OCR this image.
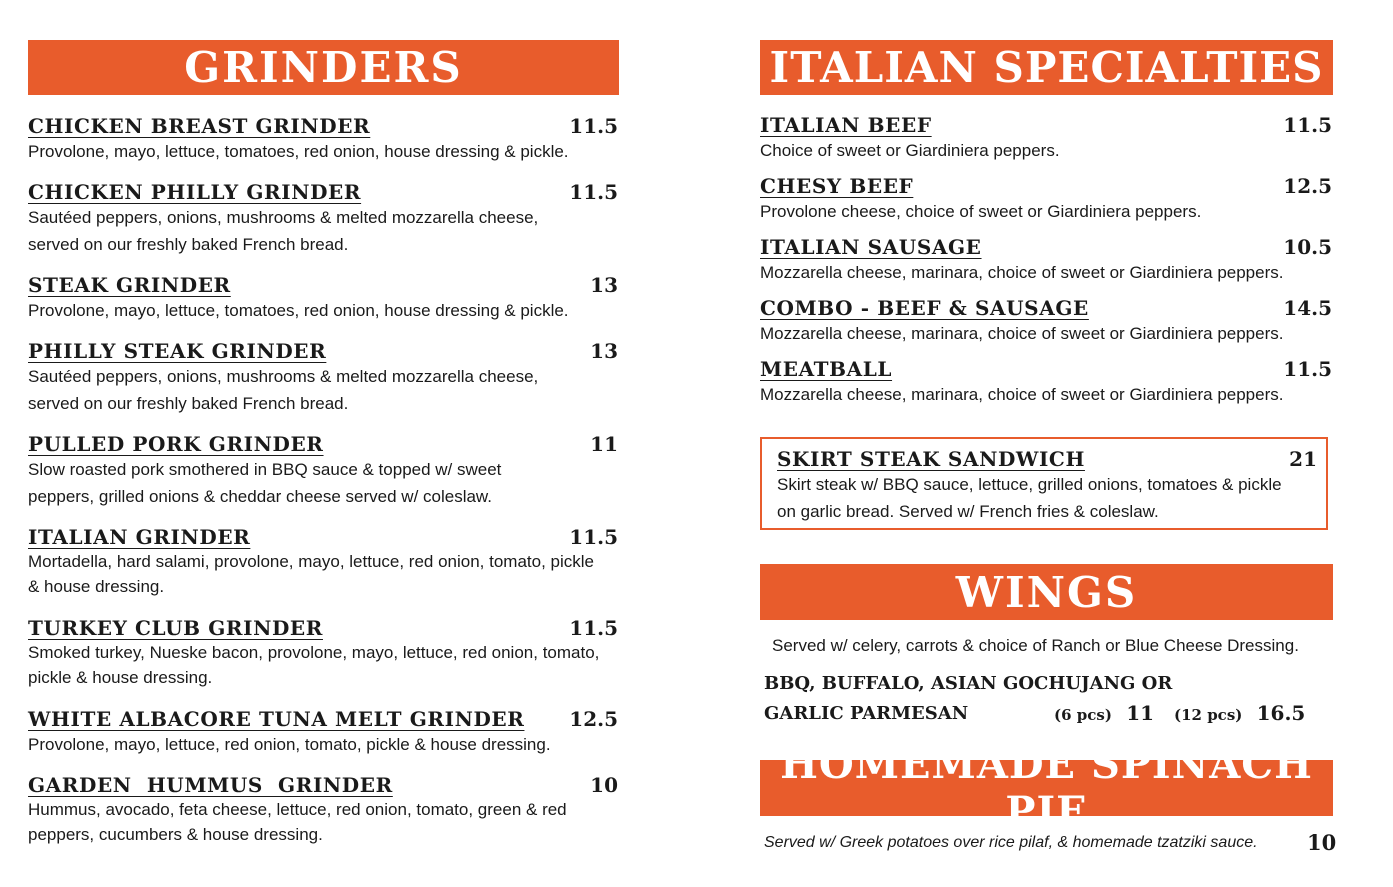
GRINDERS
CHICKEN BREAST GRINDER	11.5
Provolone, mayo, lettuce, tomatoes, red onion, house dressing & pickle.
CHICKEN PHILLY GRINDER	11.5
Sautéed peppers, onions, mushrooms & melted mozzarella cheese,
served on our freshly baked French bread.
STEAK GRINDER	13
Provolone, mayo, lettuce, tomatoes, red onion, house dressing & pickle.
PHILLY STEAK GRINDER	13
Sautéed peppers, onions, mushrooms & melted mozzarella cheese,
served on our freshly baked French bread.
PULLED PORK GRINDER	11
Slow roasted pork smothered in BBQ sauce & topped w/ sweet
peppers, grilled onions & cheddar cheese served w/ coleslaw.
ITALIAN GRINDER	11.5
Mortadella, hard salami, provolone, mayo, lettuce, red onion, tomato, pickle
& house dressing.
TURKEY CLUB GRINDER	11.5
Smoked turkey, Nueske bacon, provolone, mayo, lettuce, red onion, tomato,
pickle & house dressing.
WHITE ALBACORE TUNA MELT GRINDER 12.5
Provolone, mayo, lettuce, red onion, tomato, pickle & house dressing.
GARDEN  HUMMUS  GRINDER	10
Hummus, avocado, feta cheese, lettuce, red onion, tomato, green & red
peppers, cucumbers & house dressing.
ITALIAN SPECIALTIES
ITALIAN BEEF	11.5
Choice of sweet or Giardiniera peppers.
CHESY BEEF	12.5
Provolone cheese, choice of sweet or Giardiniera peppers.
ITALIAN SAUSAGE	10.5
Mozzarella cheese, marinara, choice of sweet or Giardiniera peppers.
COMBO - BEEF & SAUSAGE	14.5
Mozzarella cheese, marinara, choice of sweet or Giardiniera peppers.
MEATBALL	11.5
Mozzarella cheese, marinara, choice of sweet or Giardiniera peppers.
SKIRT STEAK SANDWICH	21
Skirt steak w/ BBQ sauce, lettuce, grilled onions, tomatoes & pickle
on garlic bread. Served w/ French fries & coleslaw.
WINGS
Served w/ celery, carrots & choice of Ranch or Blue Cheese Dressing.
BBQ, BUFFALO, ASIAN GOCHUJANG OR
GARLIC PARMESAN	(6 pcs) 11 (12 pcs) 16.5
HOMEMADE SPINACH PIE
Served w/ Greek potatoes over rice pilaf, & homemade tzatziki sauce. 10
